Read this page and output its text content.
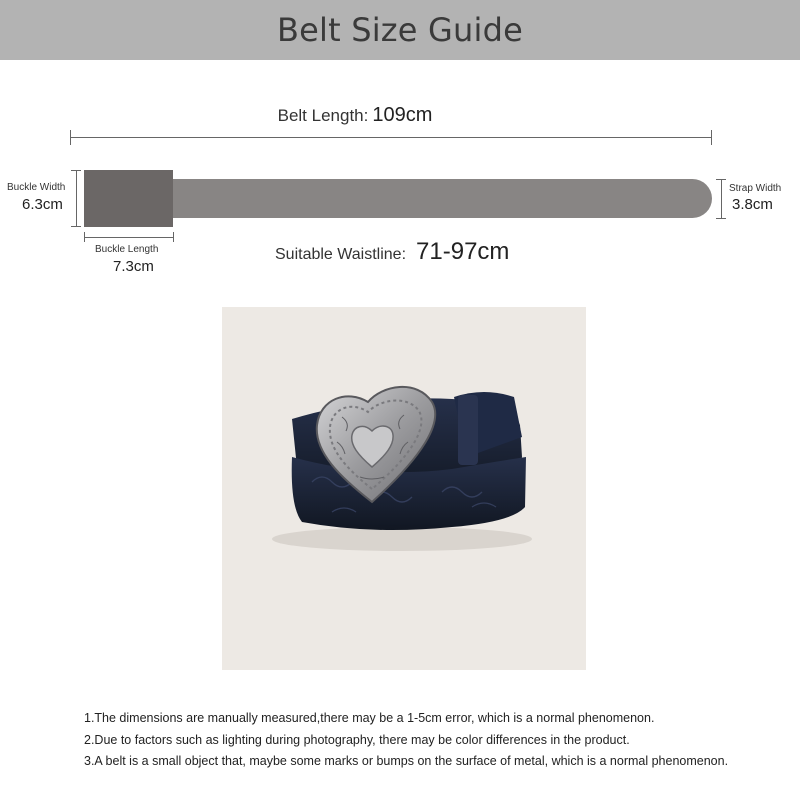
Belt Size Guide
Belt Length: 109cm
Buckle Width
6.3cm
Buckle Length
7.3cm
Strap Width
3.8cm
Suitable Waistline: 71-97cm

1.The dimensions are manually measured,there may be a 1-5cm error, which is a normal phenomenon.

2.Due to factors such as lighting during photography, there may be color differences in the product.

3.A belt is a small object that, maybe some marks or bumps on the surface of metal, which is a normal phenomenon.
